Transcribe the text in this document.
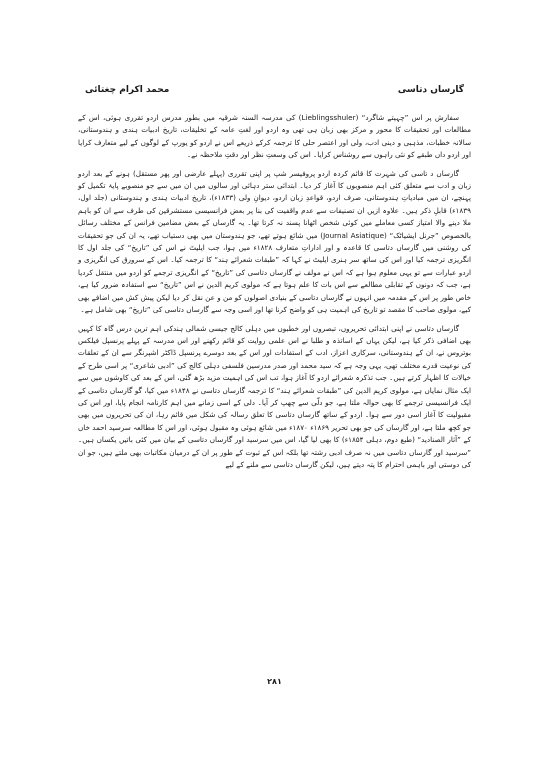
محمد اکرام چغتائی	گارساں دتاسی

سفارش پر اس ”چہیتے شاگرد“ (Lieblingsshuler) کی مدرسہ السنہ شرقیہ میں بطور مدرس اردو تقرری ہوئی، اس کے مطالعات اور تحقیقات کا محور و مرکز بھی زبان ہی تھی وہ اردو اور لغتِ عامہ کے تخلیقات، تاریخ ادبیات ہندی و ہندوستانی، سالانہ خطبات، مذہبی و دینی ادب، ولی اور اعتصر حلی کا ترجمہ کرکے ذریعے اس نے اردو کو یورپ کے لوگوں کے لیے متعارف کرایا اور اردو داں طبقے کو نئی راہوں سے روشناس کرایا۔ اس کی وسعتِ نظر اور دقتِ ملاحظہ نے۔

گارساں د تاسی کی شہرت کا قائم کردہ اردو پروفیسر شپ پر اپنی تقرری (پہلے عارضی اور پھر مستقل) ہونے کے بعد اردو زبان و ادب سے متعلق کئی اہم منصوبوں کا آغاز کر دیا۔ ابتدائی ستر دہائی اور سالوں میں ان میں سے جو منصوبے پایۂ تکمیل کو پہنچے، ان میں مبادیاتِ ہندوستانی، صرف اردو، قواعدِ زبان اردو، دیوانِ ولی (۱۸۳۳ء)، تاریخ ادبیات ہندی و ہندوستانی (جلد اول، ۱۸۳۹ء) قابلِ ذکر ہیں۔ علاوہ ازیں ان تصنیفات سے عدم واقفیت کی بنا پر بعض فرانسیسی مستشرقین کی طرف سے ان کو باہم ملا دینے والا امتیاز کسی معاملے میں کوئی شخص اٹھانا پسند نہ کرتا تھا۔ یہ گارساں کے بعض مضامین فرانس کے مختلف رسائل بالخصوص ”جرنل ایشیاٹک“ (Journal Asiatique) میں شائع ہوتے تھے، جو ہندوستان میں بھی دستیاب تھے، یہ ان کی جو تحقیقات کی روشنی میں گارساں دتاسی کا قاعدہ و اور اداراتِ متعارف ۱۸۲۸ء میں ہوا، جب ایلیٹ نے اس کی ”تاریخ“ کی جلد اول کا انگریزی ترجمہ کیا اور اس کی ساتھ سر ہنری ایلیٹ نے کہا کہ ”طبقات شعرائے ہند“ کا ترجمہ کیا۔ اس کے سرورق کی انگریزی و اردو عبارات سے تو یہی معلوم ہوا ہے کہ اس نے مولف نے گارساں دتاسی کی ”تاریخ“ کے انگریزی ترجمے کو اردو میں منتقل کردیا ہے، جب کہ دونوں کے تقابلی مطالعے سے اس بات کا علم ہوتا ہے کہ مولوی کریم الدین نے اس ”تاریخ“ سے استفادہ ضرور کیا ہے، خاص طور پر اس کے مقدمہ میں انہوں نے گارساں دتاسی کے بنیادی اصولوں کو من و عن نقل کر دیا لیکن پیش کش میں اضافے بھی کیے، مولوی صاحب کا مقصد تو تاریخ کی اہمیت ہی کو واضح کرنا تھا اور اسی وجہ سے گارساں دتاسی کی ”تاریخ“ بھی شامل ہے۔

گارساں دتاسی نے اپنی ابتدائی تحریروں، تبصروں اور خطبوں میں دہلی کالج جیسی شمالی ہندکی اہم ترین درس گاہ کا کہیں بھی اضافی ذکر کیا ہے، لیکن یہاں کے اساتذہ و طلبا نے اس علمی روایت کو قائم رکھنے اور اس مدرسہ کے پہلے پرنسپل فیلکس بوتروس نے، ان کے ہندوستانی، سرکاری اعزاز، ادب کے استفادات اور اس کے بعد دوسرے پرنسپل ڈاکٹر اشپرنگر سے ان کے تعلقات کی نوعیت قدرے مختلف تھی، یہی وجہ ہے کہ سید محمد اور صدر مدرسین فلسفی دہلی کالج کی ”ادبی شاعری“ پر اسی طرح کے خیالات کا اظہار کرتے ہیں۔ جب تذکرہ شعرائے اردو کا آغاز ہوا، تب اس کی اہمیت مزید بڑھ گئی، اس کے بعد کی کاوشوں میں سے ایک مثال نمایاں ہے، مولوی کریم الدین کی ”طبقات شعرائے ہند“ کا ترجمہ گارساں دتاسی نے ۱۸۴۸ء میں کیا، گو گارساں دتاسی کے ایک فرانسیسی ترجمے کا بھی حوالہ ملتا ہے، جو دلّی سے چھپ کر آیا۔ دلی کے اسی زمانے میں اہم کارنامہ انجام پایا، اور اس کی مقبولیت کا آغاز اسی دور سے ہوا۔ اردو کے ساتھ گارساں دتاسی کا تعلق رسالہ کی شکل میں قائم رہا، ان کی تحریروں میں بھی جو کچھ ملتا ہے، اور گارساں کی جو بھی تحریر ۱۸۶۹ء ۱۸۷۰ء میں شائع ہوئی وہ مقبول ہوئی، اور اس کا مطالعہ سرسید احمد خاں کے ”آثار الصنادید“ (طبع دوم، دہلی ۱۸۵۴ء) کا بھی لیا گیا، اس میں سرسید اور گارساں دتاسی کے بیان میں کئی باتیں یکساں ہیں۔ ”سرسید اور گارساں دتاسی میں نہ صرف ادبی رشتہ تھا بلکہ اس کے ثبوت کے طور پر ان کے درمیان مکاتبات بھی ملتے ہیں، جو ان کی دوستی اور باہمی احترام کا پتہ دیتے ہیں، لیکن گارساں دتاسی سے ملنے کے لیے

۲۸۱
